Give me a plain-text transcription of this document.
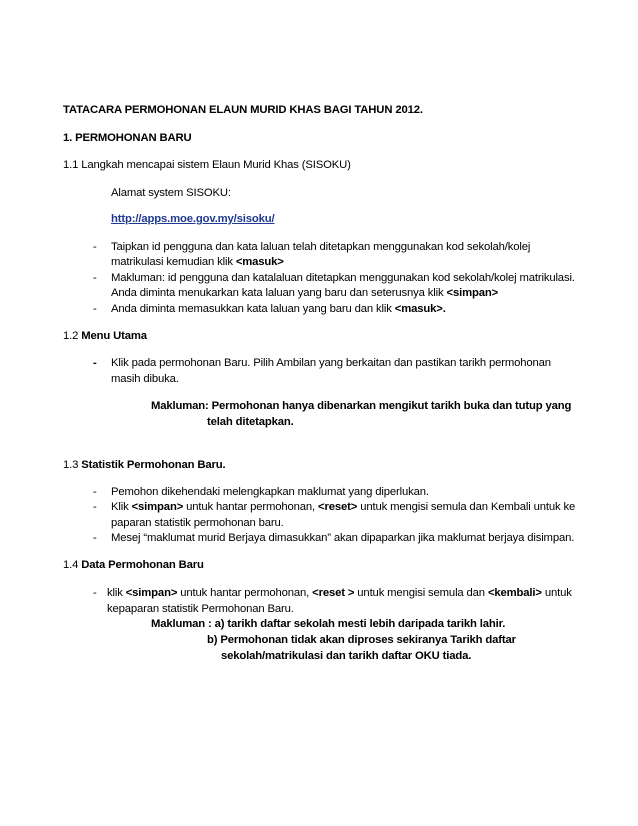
TATACARA PERMOHONAN ELAUN MURID KHAS BAGI TAHUN 2012.
1. PERMOHONAN BARU
1.1 Langkah mencapai sistem Elaun Murid Khas (SISOKU)
Alamat system SISOKU:
http://apps.moe.gov.my/sisoku/
- Taipkan id pengguna dan kata laluan telah ditetapkan menggunakan kod sekolah/kolej
matrikulasi kemudian klik <masuk>
- Makluman: id pengguna dan katalaluan ditetapkan menggunakan kod sekolah/kolej matrikulasi.
Anda diminta menukarkan kata laluan yang baru dan seterusnya klik <simpan>
- Anda diminta memasukkan kata laluan yang baru dan klik <masuk>.
1.2 Menu Utama
- Klik pada permohonan Baru. Pilih Ambilan yang berkaitan dan pastikan tarikh permohonan
masih dibuka.
Makluman: Permohonan hanya dibenarkan mengikut tarikh buka dan tutup yang
telah ditetapkan.
1.3 Statistik Permohonan Baru.
- Pemohon dikehendaki melengkapkan maklumat yang diperlukan.
- Klik <simpan> untuk hantar permohonan, <reset> untuk mengisi semula dan Kembali untuk ke
paparan statistik permohonan baru.
- Mesej “maklumat murid Berjaya dimasukkan” akan dipaparkan jika maklumat berjaya disimpan.
1.4 Data Permohonan Baru
- klik <simpan> untuk hantar permohonan, <reset > untuk mengisi semula dan <kembali> untuk
kepaparan statistik Permohonan Baru.
Makluman : a) tarikh daftar sekolah mesti lebih daripada tarikh lahir.
b) Permohonan tidak akan diproses sekiranya Tarikh daftar
sekolah/matrikulasi dan tarikh daftar OKU tiada.
